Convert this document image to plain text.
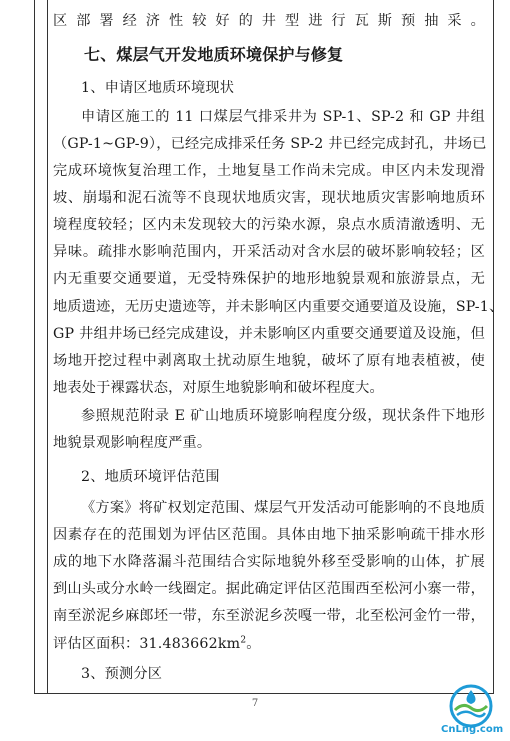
区部署经济性较好的井型进行瓦斯预抽采。
七、煤层气开发地质环境保护与修复
1、申请区地质环境现状
申请区施工的 11 口煤层气排采井为 SP-1、SP-2 和 GP 井组
（GP-1~GP-9），已经完成排采任务 SP-2 井已经完成封孔，井场已
完成环境恢复治理工作，土地复垦工作尚未完成。申区内未发现滑
坡、崩塌和泥石流等不良现状地质灾害，现状地质灾害影响地质环
境程度较轻；区内未发现较大的污染水源，泉点水质清澈透明、无
异味。疏排水影响范围内，开采活动对含水层的破坏影响较轻；区
内无重要交通要道，无受特殊保护的地形地貌景观和旅游景点，无
地质遗迹，无历史遗迹等，并未影响区内重要交通要道及设施，SP-1、
GP 井组井场已经完成建设，并未影响区内重要交通要道及设施，但
场地开挖过程中剥离取土扰动原生地貌，破坏了原有地表植被，使
地表处于裸露状态，对原生地貌影响和破坏程度大。
参照规范附录 E 矿山地质环境影响程度分级，现状条件下地形
地貌景观影响程度严重。
2、地质环境评估范围
《方案》将矿权划定范围、煤层气开发活动可能影响的不良地质
因素存在的范围划为评估区范围。具体由地下抽采影响疏干排水形
成的地下水降落漏斗范围结合实际地貌外移至受影响的山体，扩展
到山头或分水岭一线圈定。据此确定评估区范围西至松河小寨一带，
南至淤泥乡麻郎坯一带，东至淤泥乡茨嘎一带，北至松河金竹一带，
评估区面积：$31.483662km^2$。
3、预测分区
7
CnLng.com
